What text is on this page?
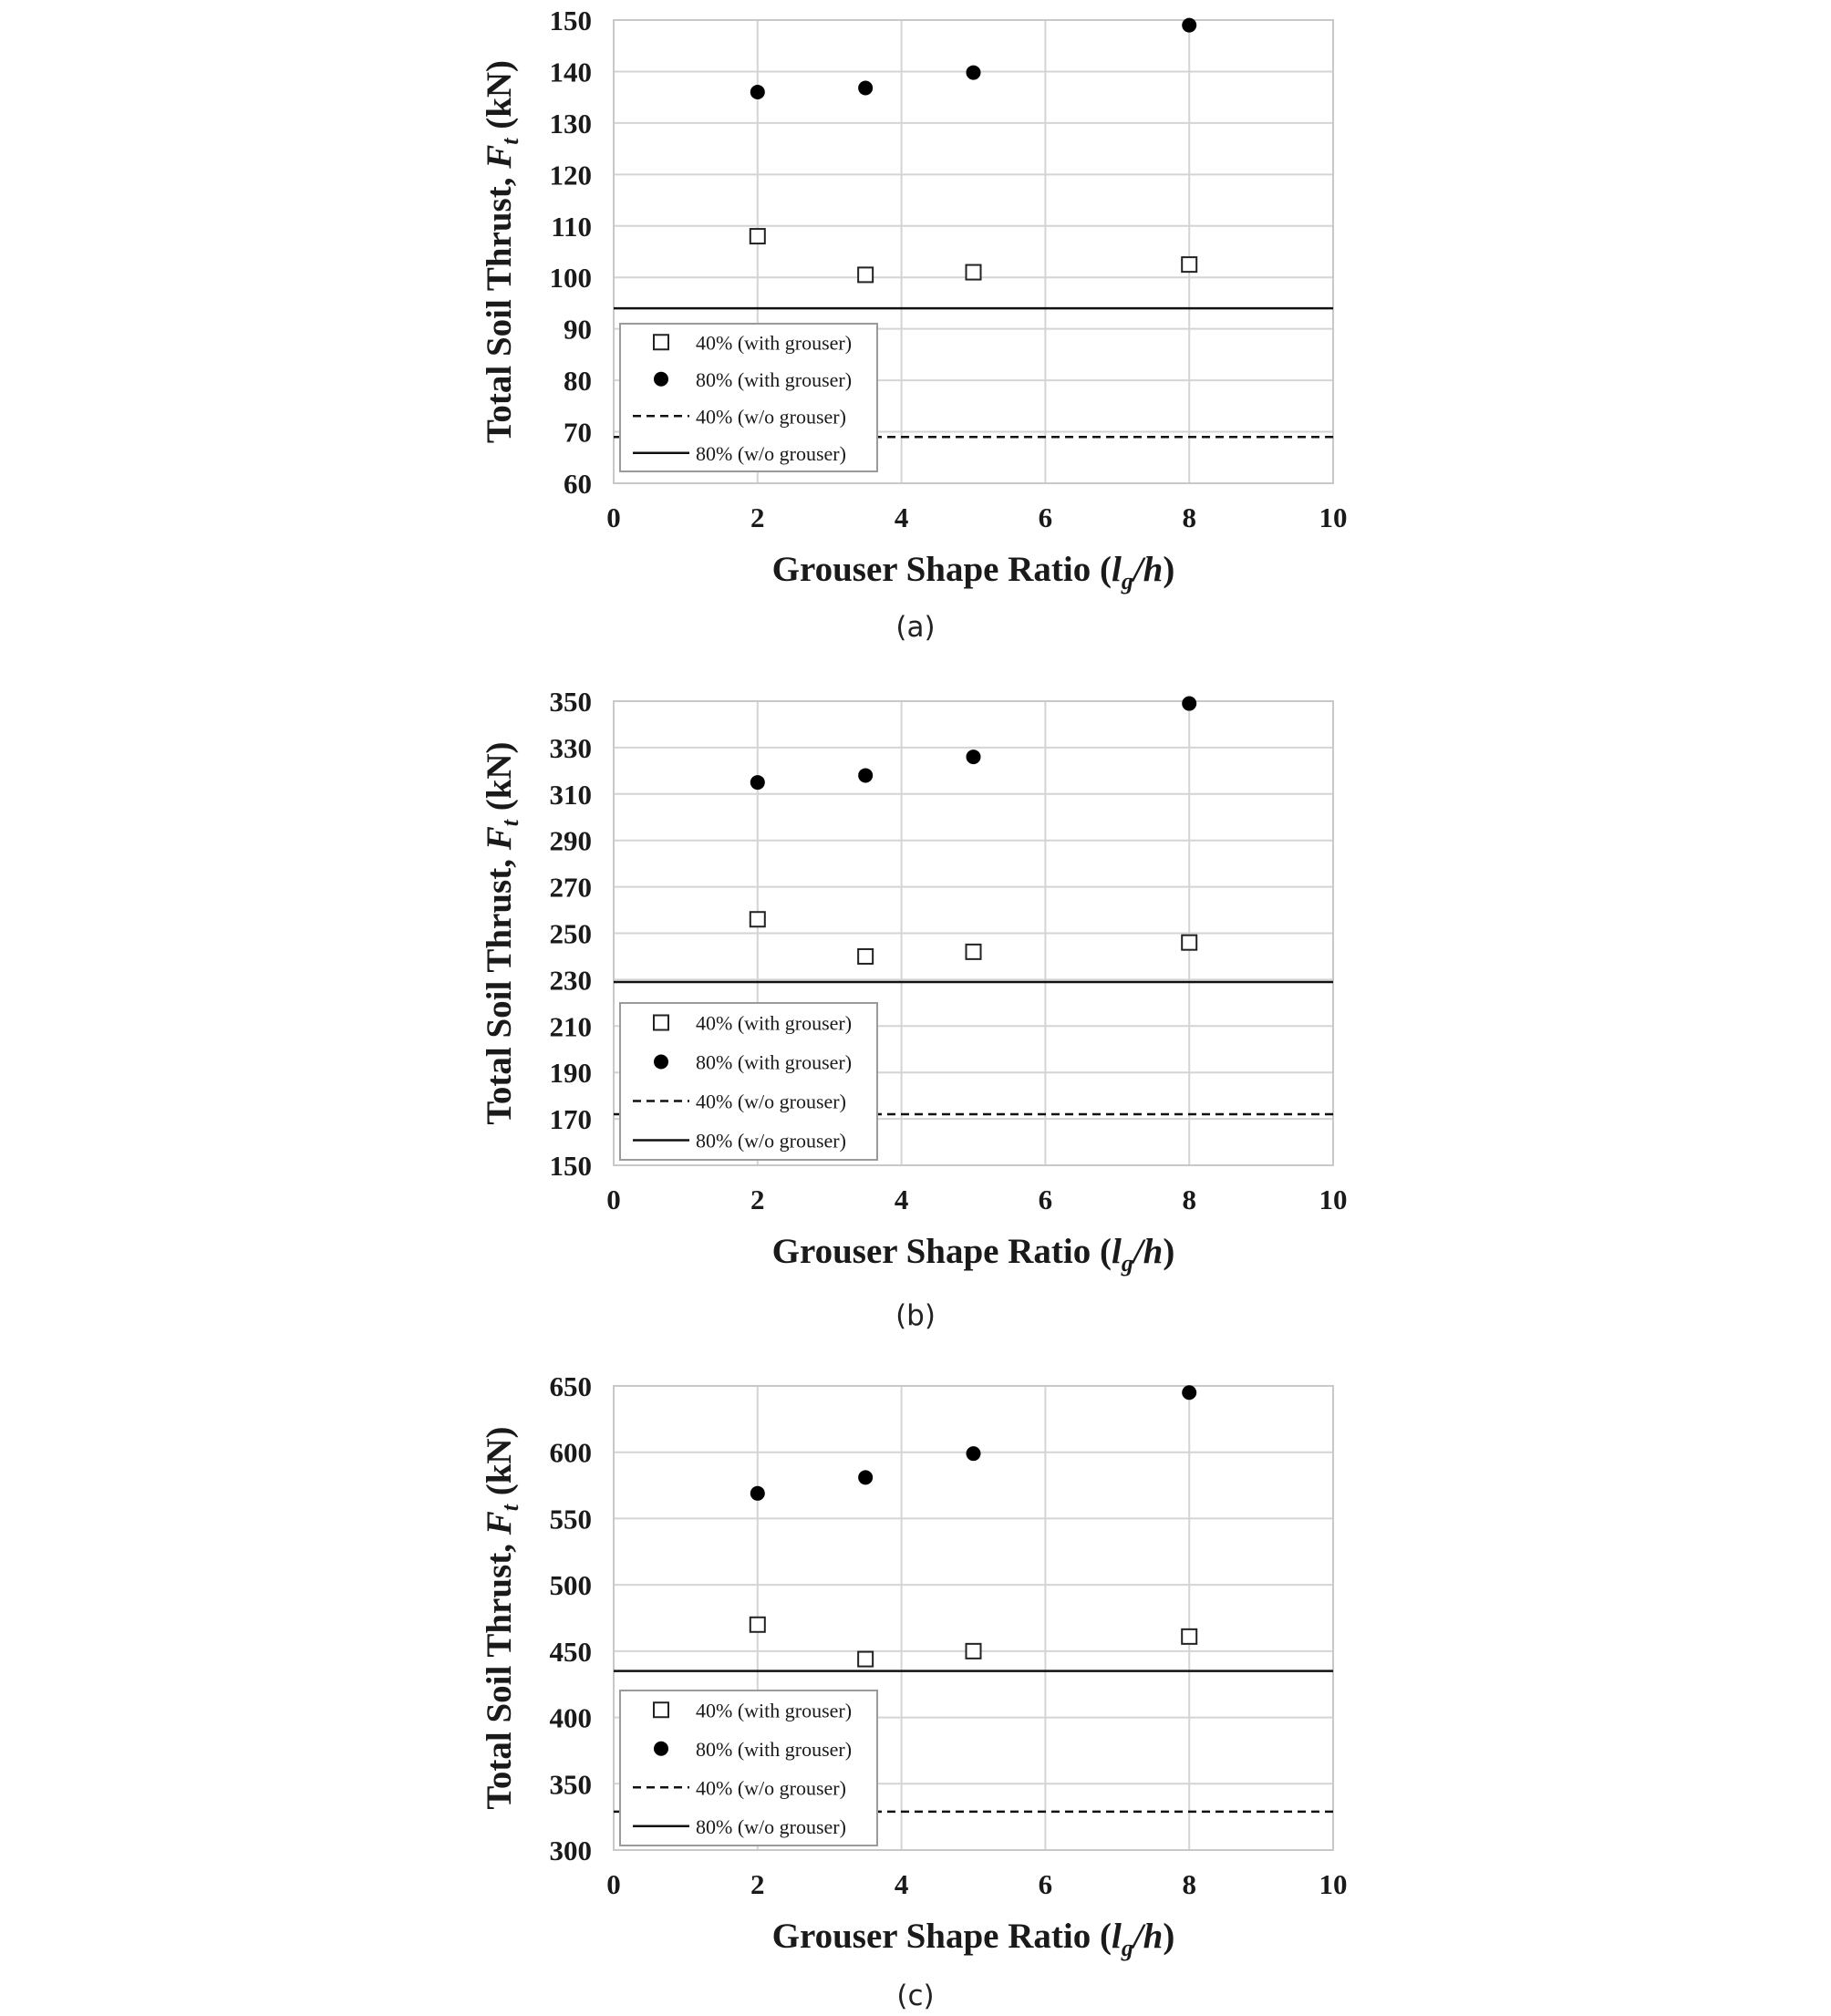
60
70
80
90
100
110
120
130
140
150
0	2	4	6	8	10
40% (with grouser)
80% (with grouser)
40% (w/o grouser)
80% (w/o grouser)
Total Soil Thrust, $F_t$ (kN)
Grouser Shape Ratio $(l_g/h)$
(a)
150
170
190
210
230
250
270
290
310
330
350
0	2	4	6	8	10
40% (with grouser)
80% (with grouser)
40% (w/o grouser)
80% (w/o grouser)
Total Soil Thrust, $F_t$ (kN)
Grouser Shape Ratio $(l_g/h)$
(b)
300
350
400
450
500
550
600
650
0	2	4	6	8	10
40% (with grouser)
80% (with grouser)
40% (w/o grouser)
80% (w/o grouser)
Total Soil Thrust, $F_t$ (kN)
Grouser Shape Ratio $(l_g/h)$
(c)
